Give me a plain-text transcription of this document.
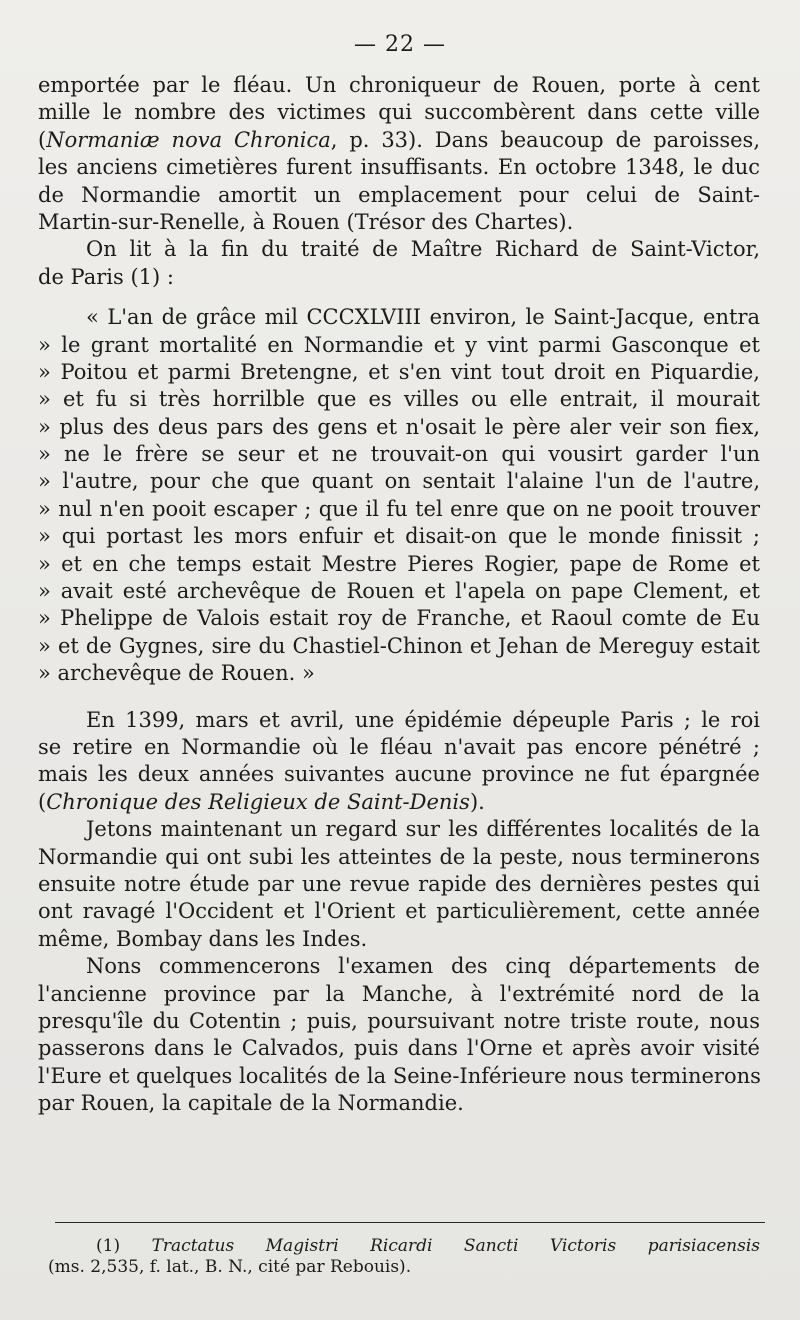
— 22 —
emportée par le fléau. Un chroniqueur de Rouen, porte à cent
mille le nombre des victimes qui succombèrent dans cette ville
(Normaniæ nova Chronica, p. 33). Dans beaucoup de paroisses,
les anciens cimetières furent insuffisants. En octobre 1348, le duc
de Normandie amortit un emplacement pour celui de Saint-
Martin-sur-Renelle, à Rouen (Trésor des Chartes).
On lit à la fin du traité de Maître Richard de Saint-Victor,
de Paris (1) :
« L'an de grâce mil CCCXLVIII environ, le Saint-Jacque, entra
» le grant mortalité en Normandie et y vint parmi Gasconque et
» Poitou et parmi Bretengne, et s'en vint tout droit en Piquardie,
» et fu si très horrilble que es villes ou elle entrait, il mourait
» plus des deus pars des gens et n'osait le père aler veir son fiex,
» ne le frère se seur et ne trouvait-on qui vousirt garder l'un
» l'autre, pour che que quant on sentait l'alaine l'un de l'autre,
» nul n'en pooit escaper ; que il fu tel enre que on ne pooit trouver
» qui portast les mors enfuir et disait-on que le monde finissit ;
» et en che temps estait Mestre Pieres Rogier, pape de Rome et
» avait esté archevêque de Rouen et l'apela on pape Clement, et
» Phelippe de Valois estait roy de Franche, et Raoul comte de Eu
» et de Gygnes, sire du Chastiel-Chinon et Jehan de Mereguy estait
» archevêque de Rouen. »
En 1399, mars et avril, une épidémie dépeuple Paris ; le roi
se retire en Normandie où le fléau n'avait pas encore pénétré ;
mais les deux années suivantes aucune province ne fut épargnée
(Chronique des Religieux de Saint-Denis).
Jetons maintenant un regard sur les différentes localités de la
Normandie qui ont subi les atteintes de la peste, nous terminerons
ensuite notre étude par une revue rapide des dernières pestes qui
ont ravagé l'Occident et l'Orient et particulièrement, cette année
même, Bombay dans les Indes.
Nons commencerons l'examen des cinq départements de
l'ancienne province par la Manche, à l'extrémité nord de la
presqu'île du Cotentin ; puis, poursuivant notre triste route, nous
passerons dans le Calvados, puis dans l'Orne et après avoir visité
l'Eure et quelques localités de la Seine-Inférieure nous terminerons
par Rouen, la capitale de la Normandie.
(1) Tractatus Magistri Ricardi Sancti Victoris parisiacensis
(ms. 2,535, f. lat., B. N., cité par Rebouis).
